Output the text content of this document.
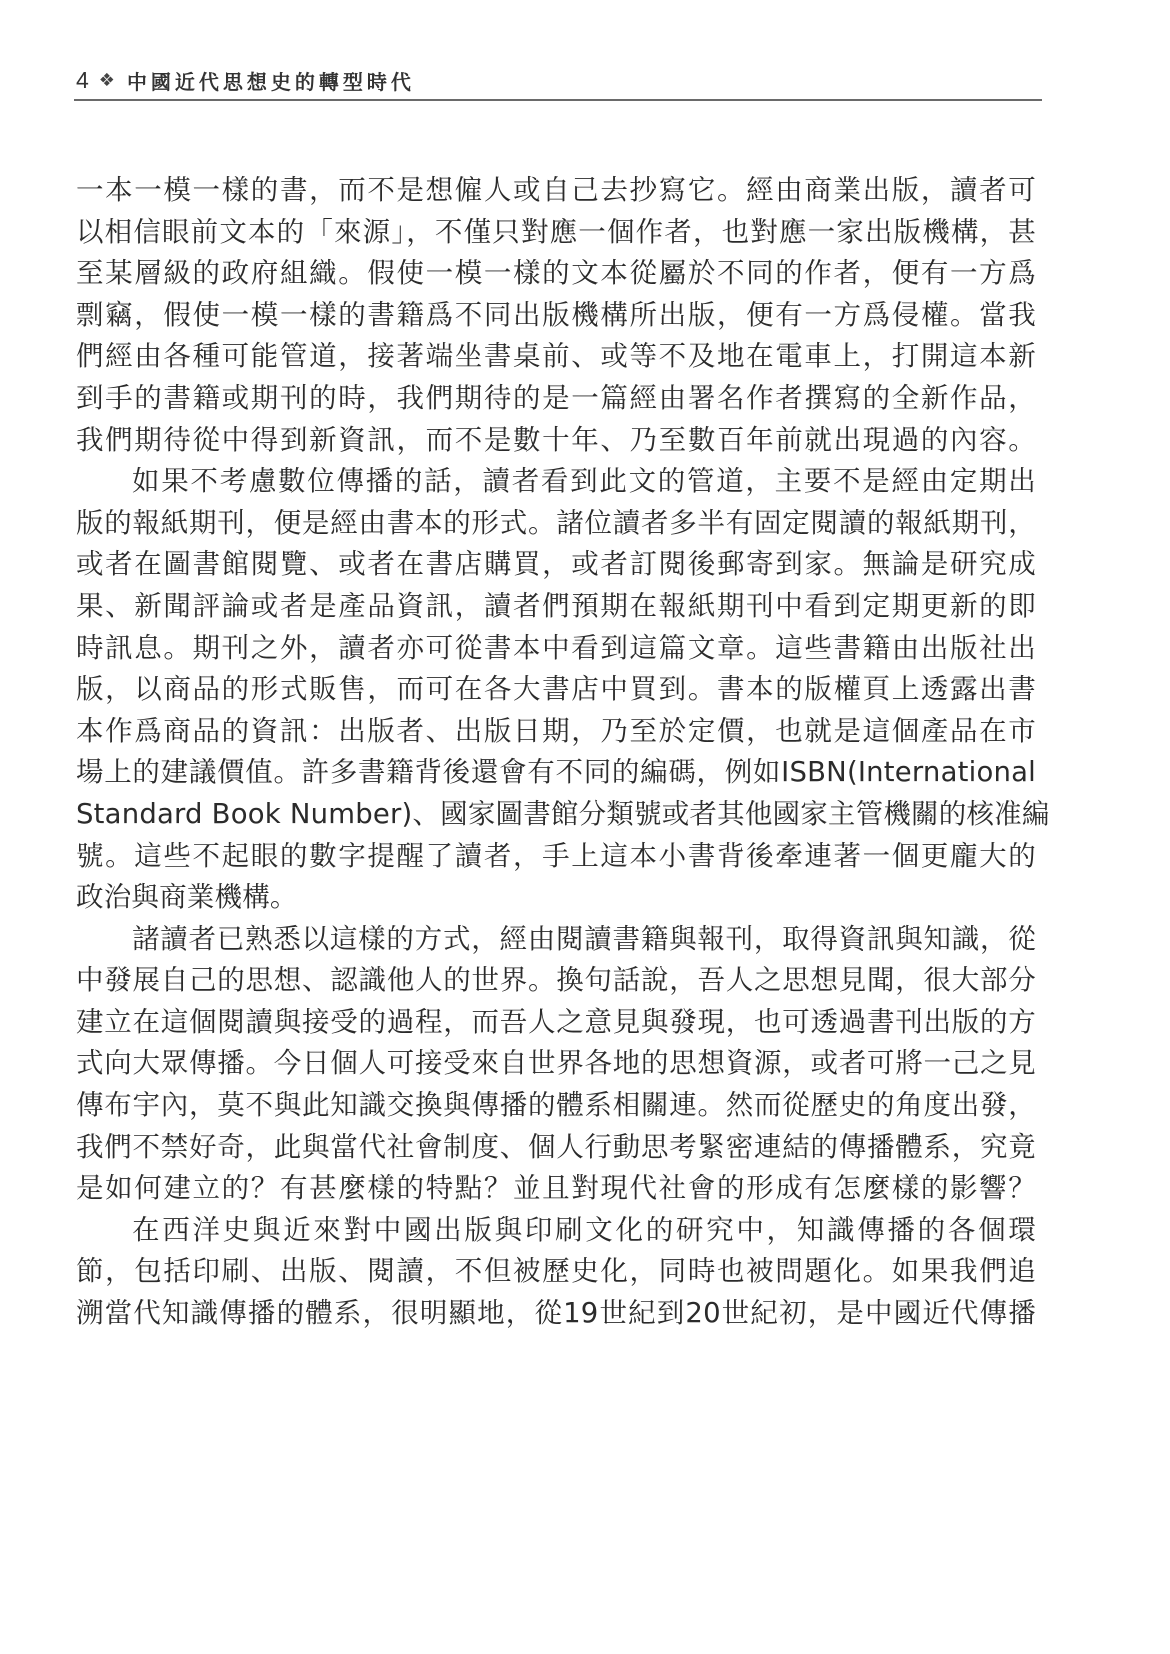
4 ❖ 中國近代思想史的轉型時代
一本一模一樣的書，而不是想僱人或自己去抄寫它。經由商業出版，讀者可
以相信眼前文本的「來源」，不僅只對應一個作者，也對應一家出版機構，甚
至某層級的政府組織。假使一模一樣的文本從屬於不同的作者，便有一方爲
剽竊，假使一模一樣的書籍爲不同出版機構所出版，便有一方爲侵權。當我
們經由各種可能管道，接著端坐書桌前、或等不及地在電車上，打開這本新
到手的書籍或期刊的時，我們期待的是一篇經由署名作者撰寫的全新作品，
我們期待從中得到新資訊，而不是數十年、乃至數百年前就出現過的內容。
如果不考慮數位傳播的話，讀者看到此文的管道，主要不是經由定期出
版的報紙期刊，便是經由書本的形式。諸位讀者多半有固定閱讀的報紙期刊，
或者在圖書館閱覽、或者在書店購買，或者訂閱後郵寄到家。無論是研究成
果、新聞評論或者是產品資訊，讀者們預期在報紙期刊中看到定期更新的即
時訊息。期刊之外，讀者亦可從書本中看到這篇文章。這些書籍由出版社出
版，以商品的形式販售，而可在各大書店中買到。書本的版權頁上透露出書
本作爲商品的資訊：出版者、出版日期，乃至於定價，也就是這個產品在市
場上的建議價值。許多書籍背後還會有不同的編碼，例如ISBN(International
Standard Book Number)、國家圖書館分類號或者其他國家主管機關的核准編
號。這些不起眼的數字提醒了讀者，手上這本小書背後牽連著一個更龐大的
政治與商業機構。
諸讀者已熟悉以這樣的方式，經由閱讀書籍與報刊，取得資訊與知識，從
中發展自己的思想、認識他人的世界。換句話說，吾人之思想見聞，很大部分
建立在這個閱讀與接受的過程，而吾人之意見與發現，也可透過書刊出版的方
式向大眾傳播。今日個人可接受來自世界各地的思想資源，或者可將一己之見
傳布宇內，莫不與此知識交換與傳播的體系相關連。然而從歷史的角度出發，
我們不禁好奇，此與當代社會制度、個人行動思考緊密連結的傳播體系，究竟
是如何建立的？有甚麼樣的特點？並且對現代社會的形成有怎麼樣的影響？
在西洋史與近來對中國出版與印刷文化的研究中，知識傳播的各個環
節，包括印刷、出版、閱讀，不但被歷史化，同時也被問題化。如果我們追
溯當代知識傳播的體系，很明顯地，從19世紀到20世紀初，是中國近代傳播
